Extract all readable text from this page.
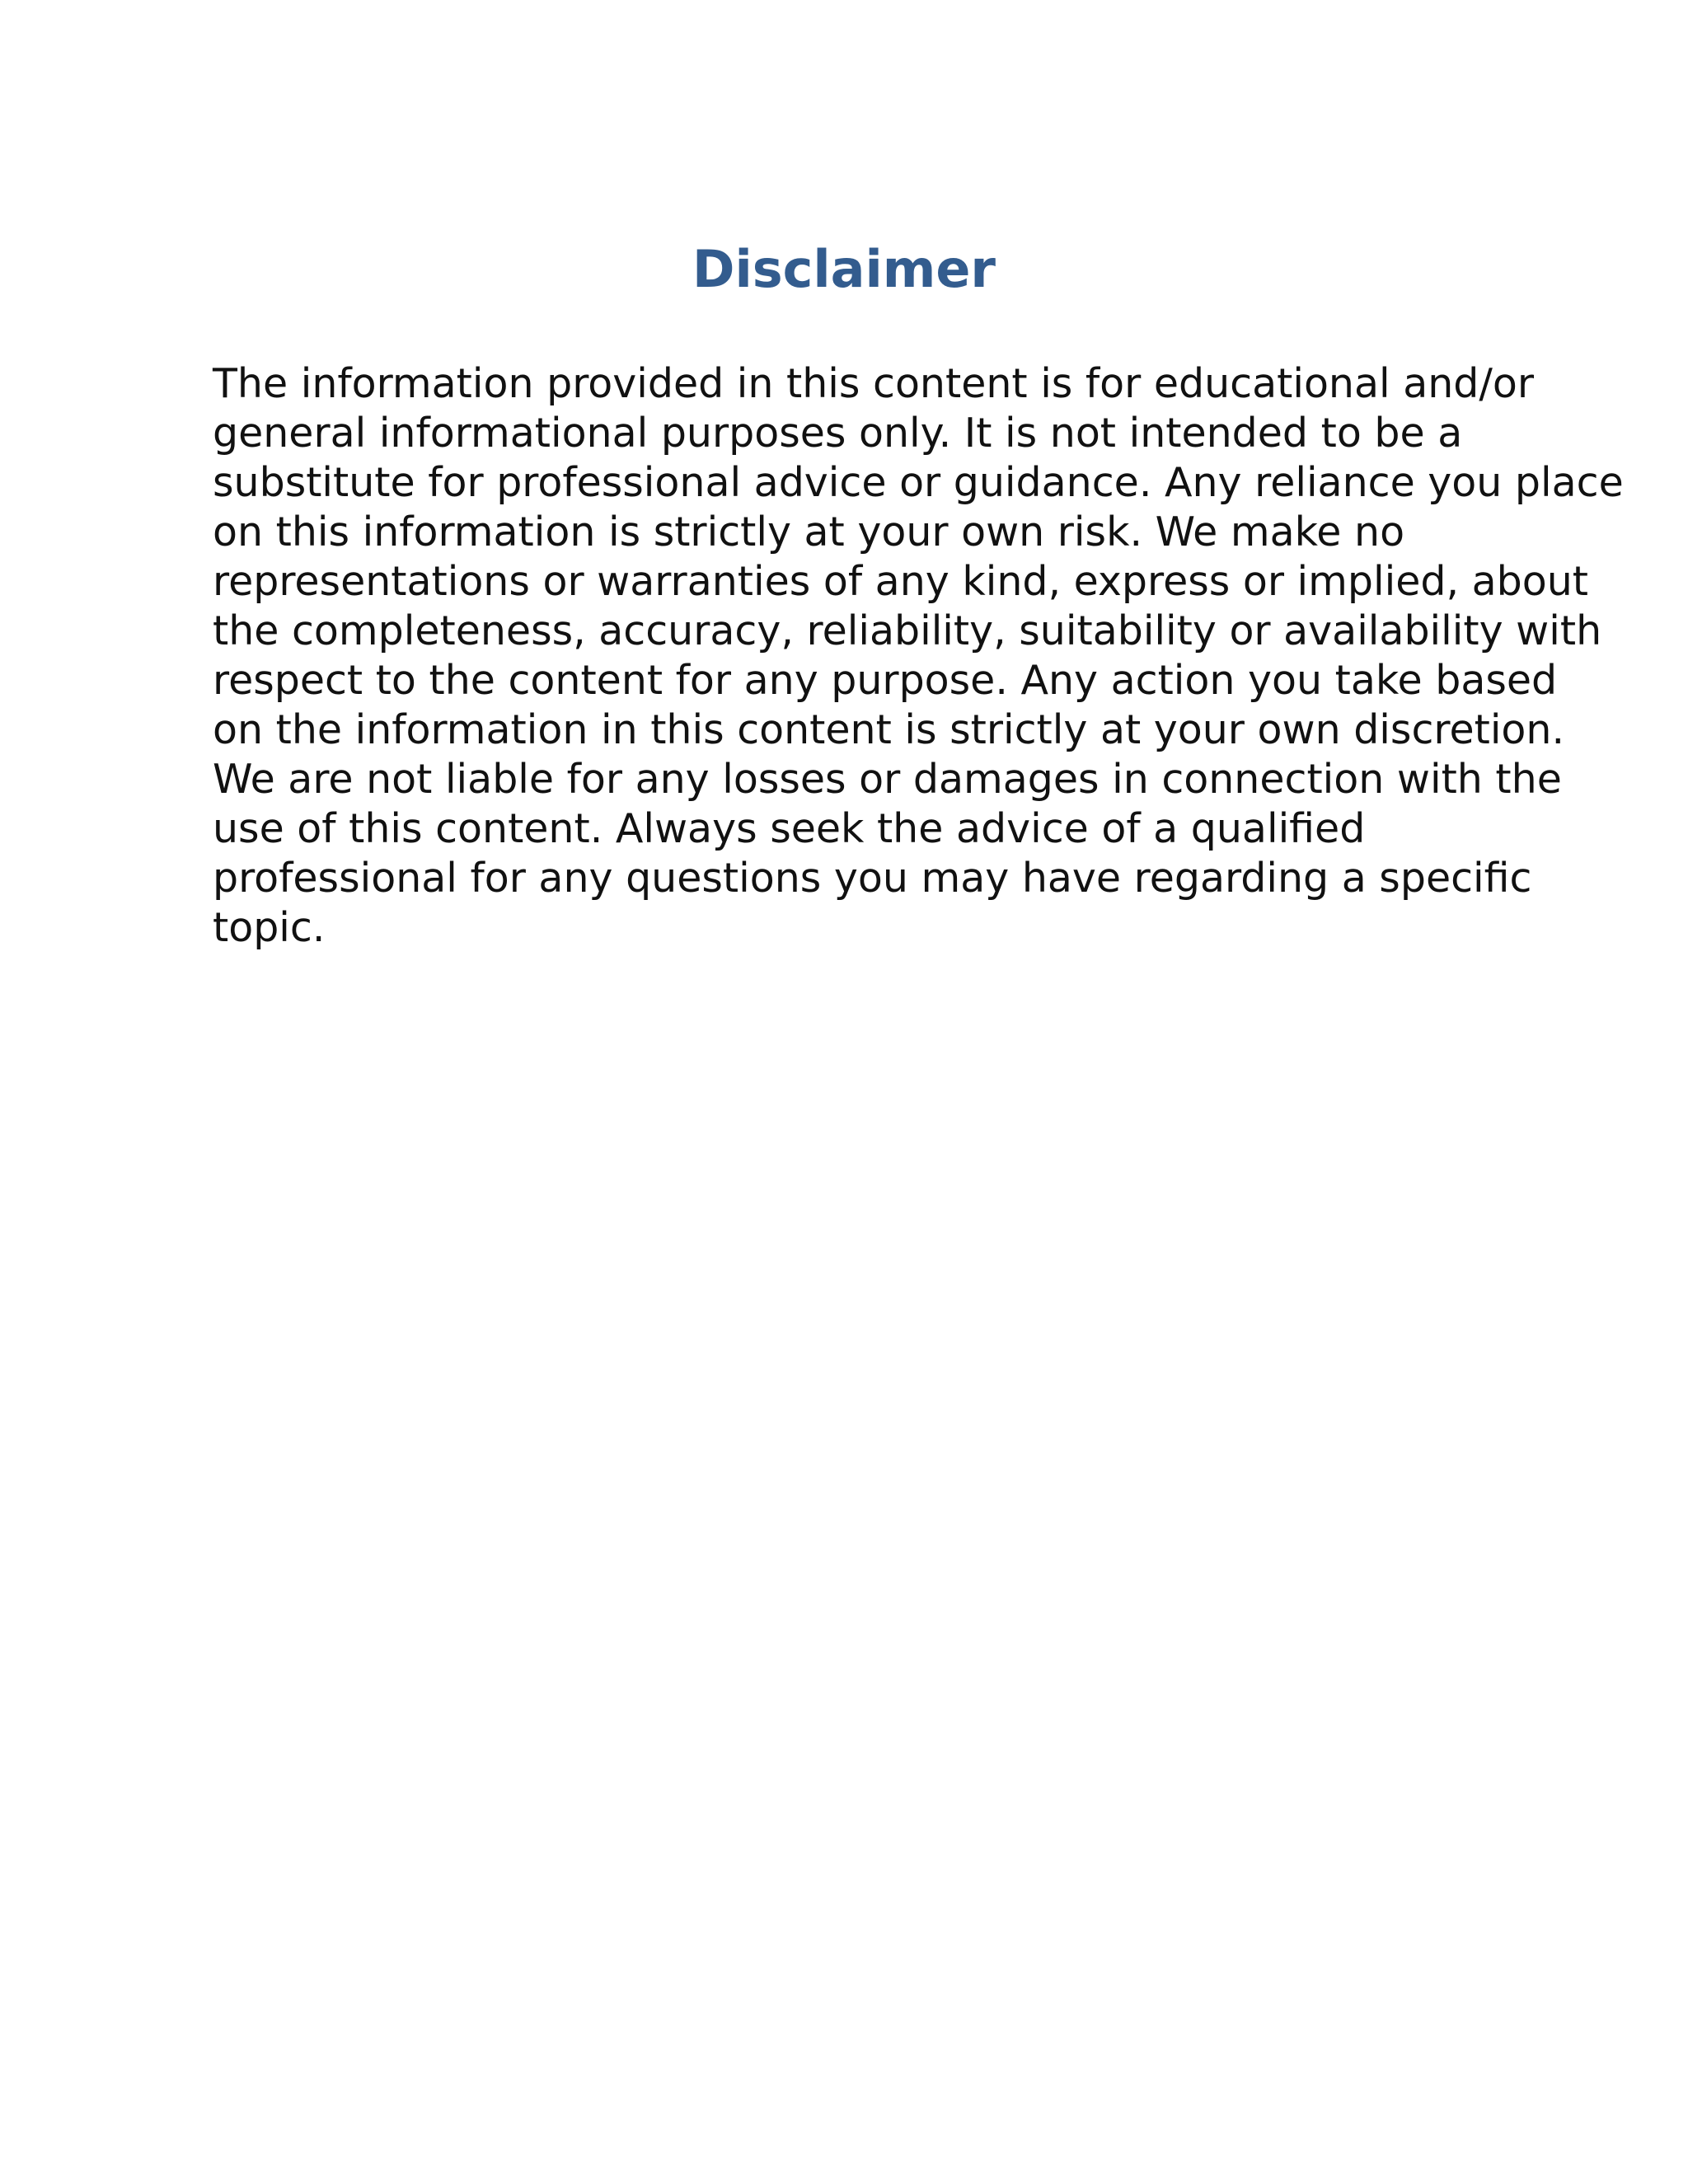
Disclaimer

The information provided in this content is for educational and/or
general informational purposes only. It is not intended to be a
substitute for professional advice or guidance. Any reliance you place
on this information is strictly at your own risk. We make no
representations or warranties of any kind, express or implied, about
the completeness, accuracy, reliability, suitability or availability with
respect to the content for any purpose. Any action you take based
on the information in this content is strictly at your own discretion.
We are not liable for any losses or damages in connection with the
use of this content. Always seek the advice of a qualified
professional for any questions you may have regarding a specific
topic.
